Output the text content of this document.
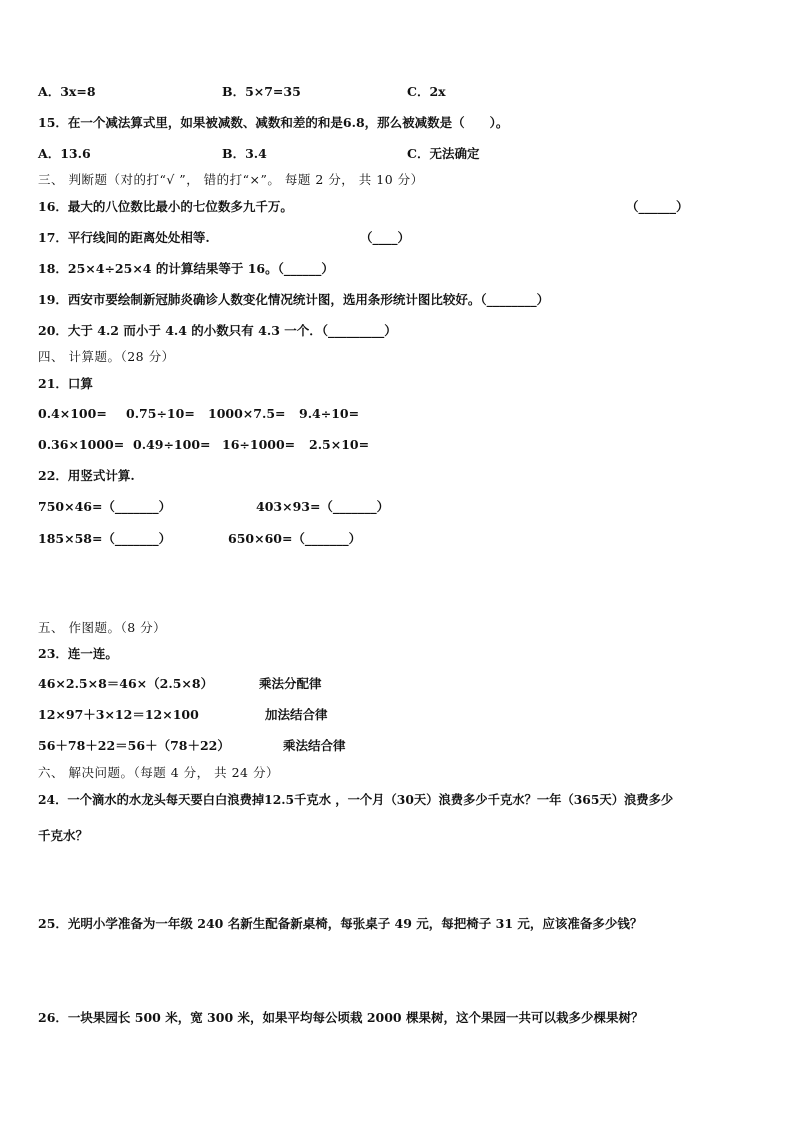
A．3x=8	B．5×7=35	C．2x
15．在一个减法算式里，如果被减数、减数和差的和是6.8，那么被减数是（　　）。
A．13.6	B．3.4	C．无法确定
三、 判断题（对的打“√ ”， 错的打“×”。 每题 2 分， 共 10 分）
16．最大的八位数比最小的七位数多九千万。	（______）
17．平行线间的距离处处相等.	（____）
18．25×4÷25×4 的计算结果等于 16。（______）
19．西安市要绘制新冠肺炎确诊人数变化情况统计图，选用条形统计图比较好。（________）
20．大于 4.2 而小于 4.4 的小数只有 4.3 一个．（_________）
四、 计算题。（28 分）
21．口算
0.4×100= 0.75÷10= 1000×7.5= 9.4÷10=
0.36×1000= 0.49÷100= 16÷1000= 2.5×10=
22．用竖式计算.
750×46=（_______）	403×93=（_______）
185×58=（_______）	650×60=（_______）
五、 作图题。（8 分）
23．连一连。
46×2.5×8＝46×（2.5×8）	乘法分配律
12×97＋3×12＝12×100	加法结合律
56＋78＋22＝56＋（78＋22）	乘法结合律
六、 解决问题。（每题 4 分， 共 24 分）
24．一个滴水的水龙头每天要白白浪费掉12.5千克水 ，一个月（30天）浪费多少千克水？一年（365天）浪费多少
千克水？
25．光明小学准备为一年级 240 名新生配备新桌椅，每张桌子 49 元，每把椅子 31 元，应该准备多少钱？
26．一块果园长 500 米，宽 300 米，如果平均每公顷栽 2000 棵果树，这个果园一共可以栽多少棵果树？
